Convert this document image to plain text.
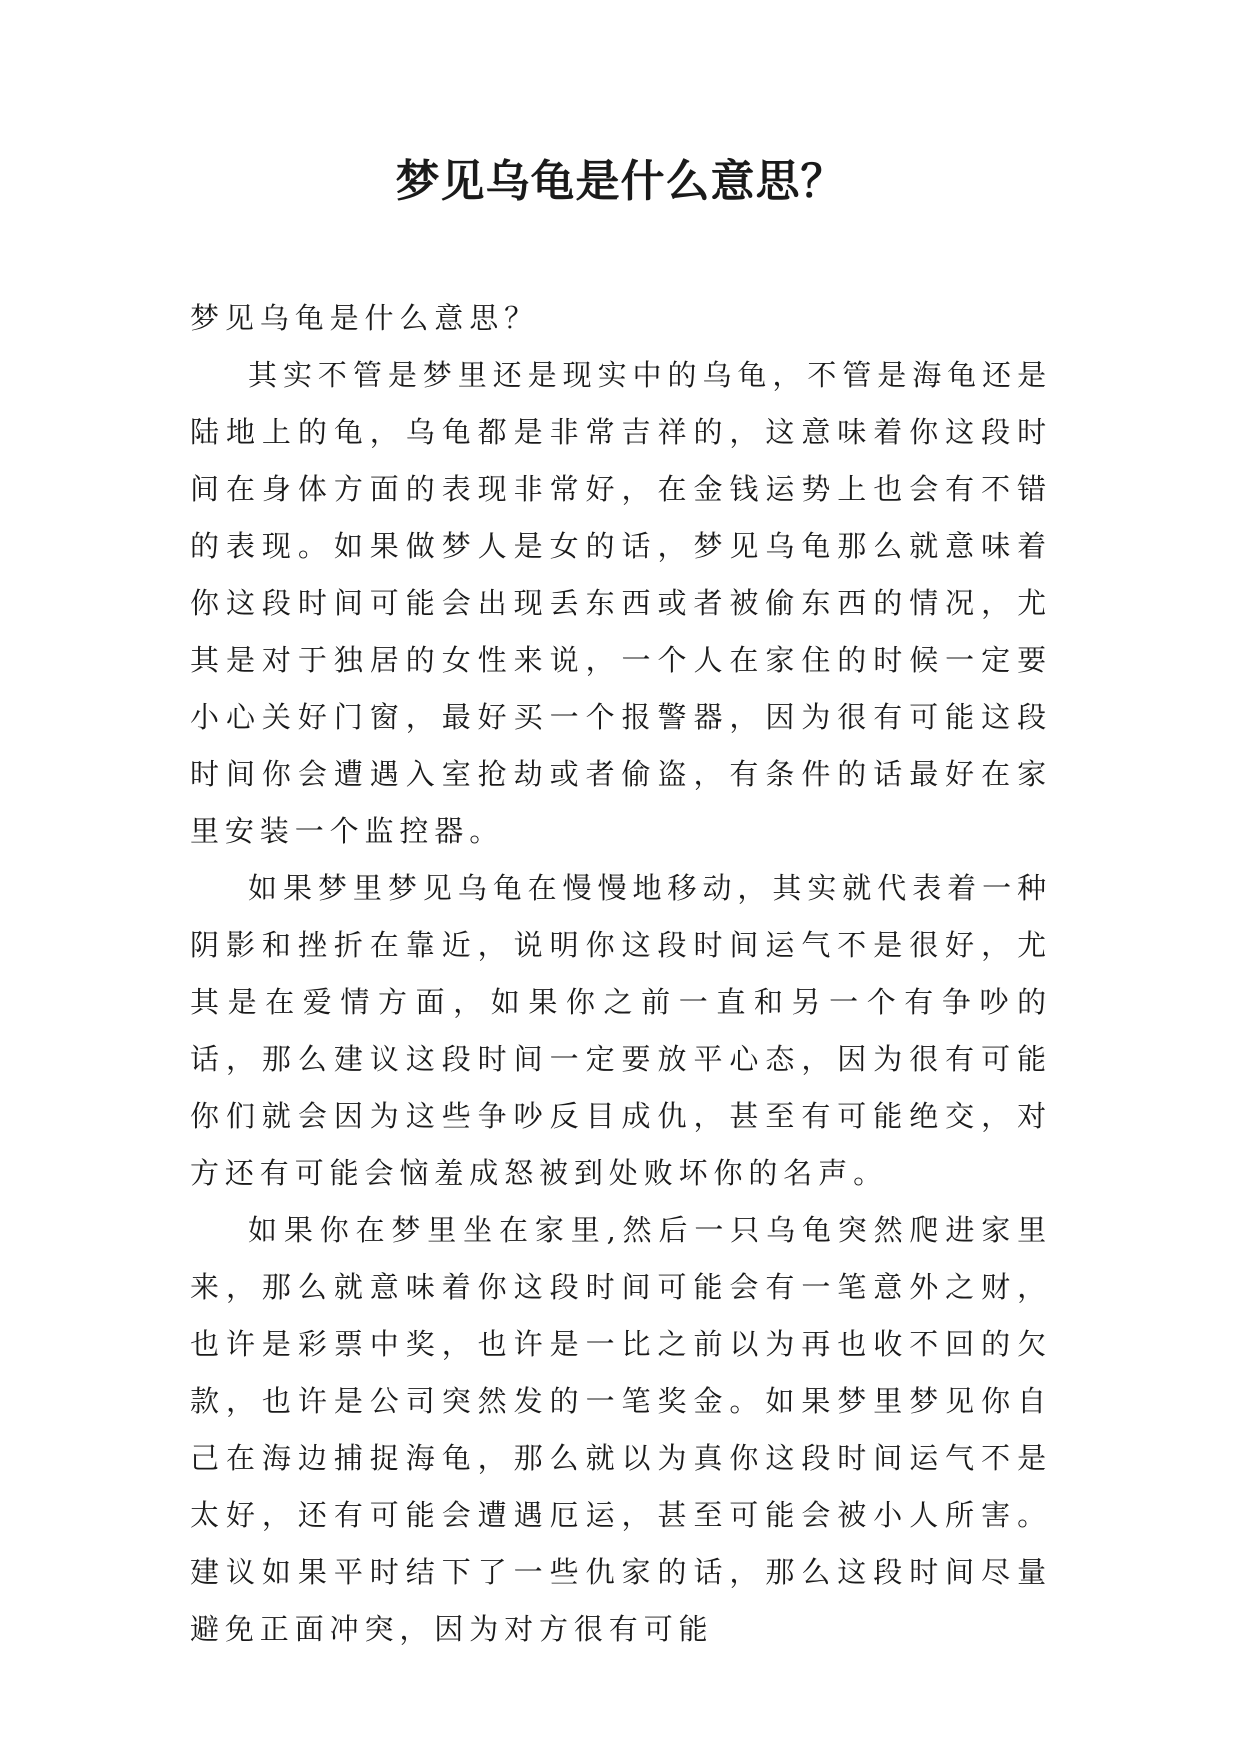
梦见乌龟是什么意思？

梦见乌龟是什么意思？

其实不管是梦里还是现实中的乌龟，不管是海龟还是陆地上的龟，乌龟都是非常吉祥的，这意味着你这段时间在身体方面的表现非常好，在金钱运势上也会有不错的表现。如果做梦人是女的话，梦见乌龟那么就意味着你这段时间可能会出现丢东西或者被偷东西的情况，尤其是对于独居的女性来说，一个人在家住的时候一定要小心关好门窗，最好买一个报警器，因为很有可能这段时间你会遭遇入室抢劫或者偷盗，有条件的话最好在家里安装一个监控器。

如果梦里梦见乌龟在慢慢地移动，其实就代表着一种阴影和挫折在靠近，说明你这段时间运气不是很好，尤其是在爱情方面，如果你之前一直和另一个有争吵的话，那么建议这段时间一定要放平心态，因为很有可能你们就会因为这些争吵反目成仇，甚至有可能绝交，对方还有可能会恼羞成怒被到处败坏你的名声。

如果你在梦里坐在家里,然后一只乌龟突然爬进家里来，那么就意味着你这段时间可能会有一笔意外之财，也许是彩票中奖，也许是一比之前以为再也收不回的欠款，也许是公司突然发的一笔奖金。如果梦里梦见你自己在海边捕捉海龟，那么就以为真你这段时间运气不是太好，还有可能会遭遇厄运，甚至可能会被小人所害。建议如果平时结下了一些仇家的话，那么这段时间尽量避免正面冲突，因为对方很有可能
